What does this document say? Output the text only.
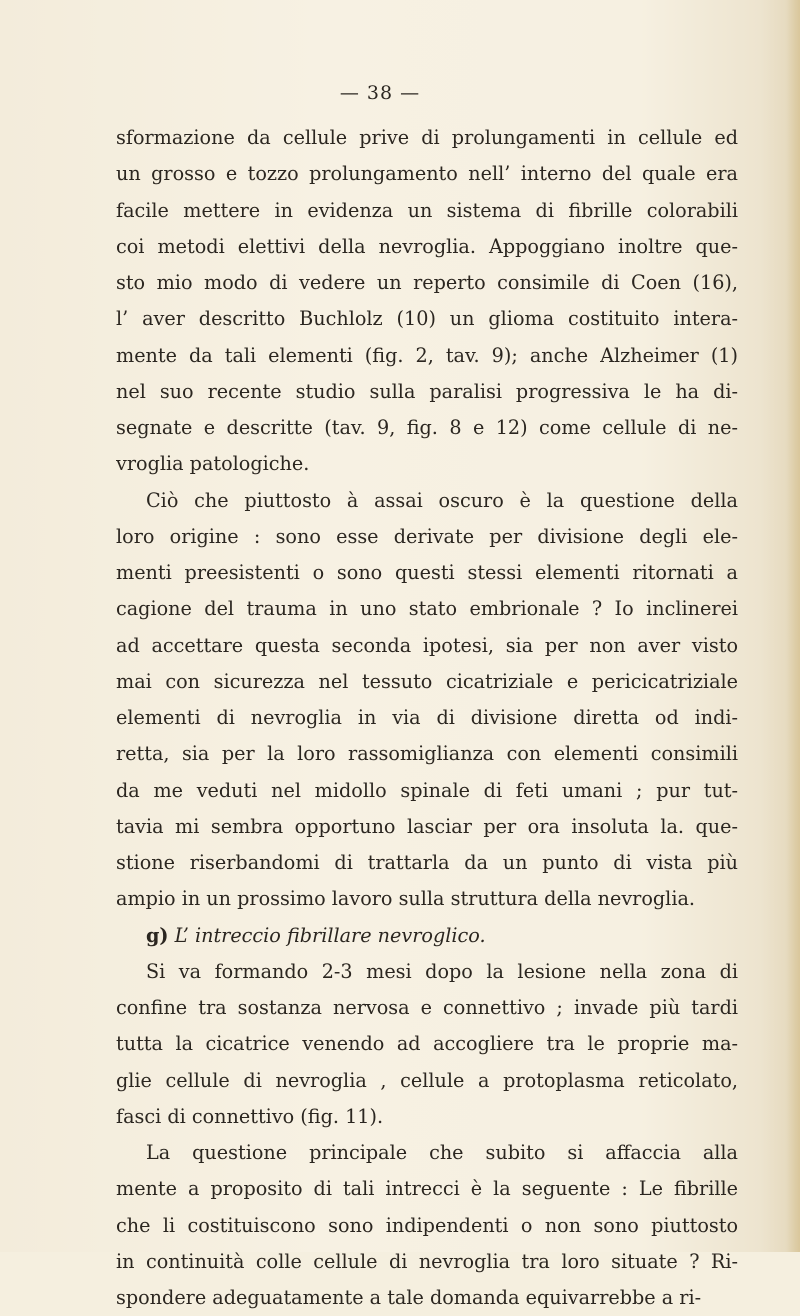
— 38 —
sformazione da cellule prive di prolungamenti in cellule ed
un grosso e tozzo prolungamento nell’ interno del quale era
facile mettere in evidenza un sistema di fibrille colorabili
coi metodi elettivi della nevroglia. Appoggiano inoltre que-
sto mio modo di vedere un reperto consimile di Coen (16),
l’ aver descritto Buchlolz (10) un glioma costituito intera-
mente da tali elementi (fig. 2, tav. 9); anche Alzheimer (1)
nel suo recente studio sulla paralisi progressiva le ha di-
segnate e descritte (tav. 9, fig. 8 e 12) come cellule di ne-
vroglia patologiche.
Ciò che piuttosto à assai oscuro è la questione della
loro origine : sono esse derivate per divisione degli ele-
menti preesistenti o sono questi stessi elementi ritornati a
cagione del trauma in uno stato embrionale ? Io inclinerei
ad accettare questa seconda ipotesi, sia per non aver visto
mai con sicurezza nel tessuto cicatriziale e pericicatriziale
elementi di nevroglia in via di divisione diretta od indi-
retta, sia per la loro rassomiglianza con elementi consimili
da me veduti nel midollo spinale di feti umani ; pur tut-
tavia mi sembra opportuno lasciar per ora insoluta la. que-
stione riserbandomi di trattarla da un punto di vista più
ampio in un prossimo lavoro sulla struttura della nevroglia.
g) L’ intreccio fibrillare nevroglico.
Si va formando 2-3 mesi dopo la lesione nella zona di
confine tra sostanza nervosa e connettivo ; invade più tardi
tutta la cicatrice venendo ad accogliere tra le proprie ma-
glie cellule di nevroglia , cellule a protoplasma reticolato,
fasci di connettivo (fig. 11).
La questione principale che subito si affaccia alla
mente a proposito di tali intrecci è la seguente : Le fibrille
che li costituiscono sono indipendenti o non sono piuttosto
in continuità colle cellule di nevroglia tra loro situate ? Ri-
spondere adeguatamente a tale domanda equivarrebbe a ri-
